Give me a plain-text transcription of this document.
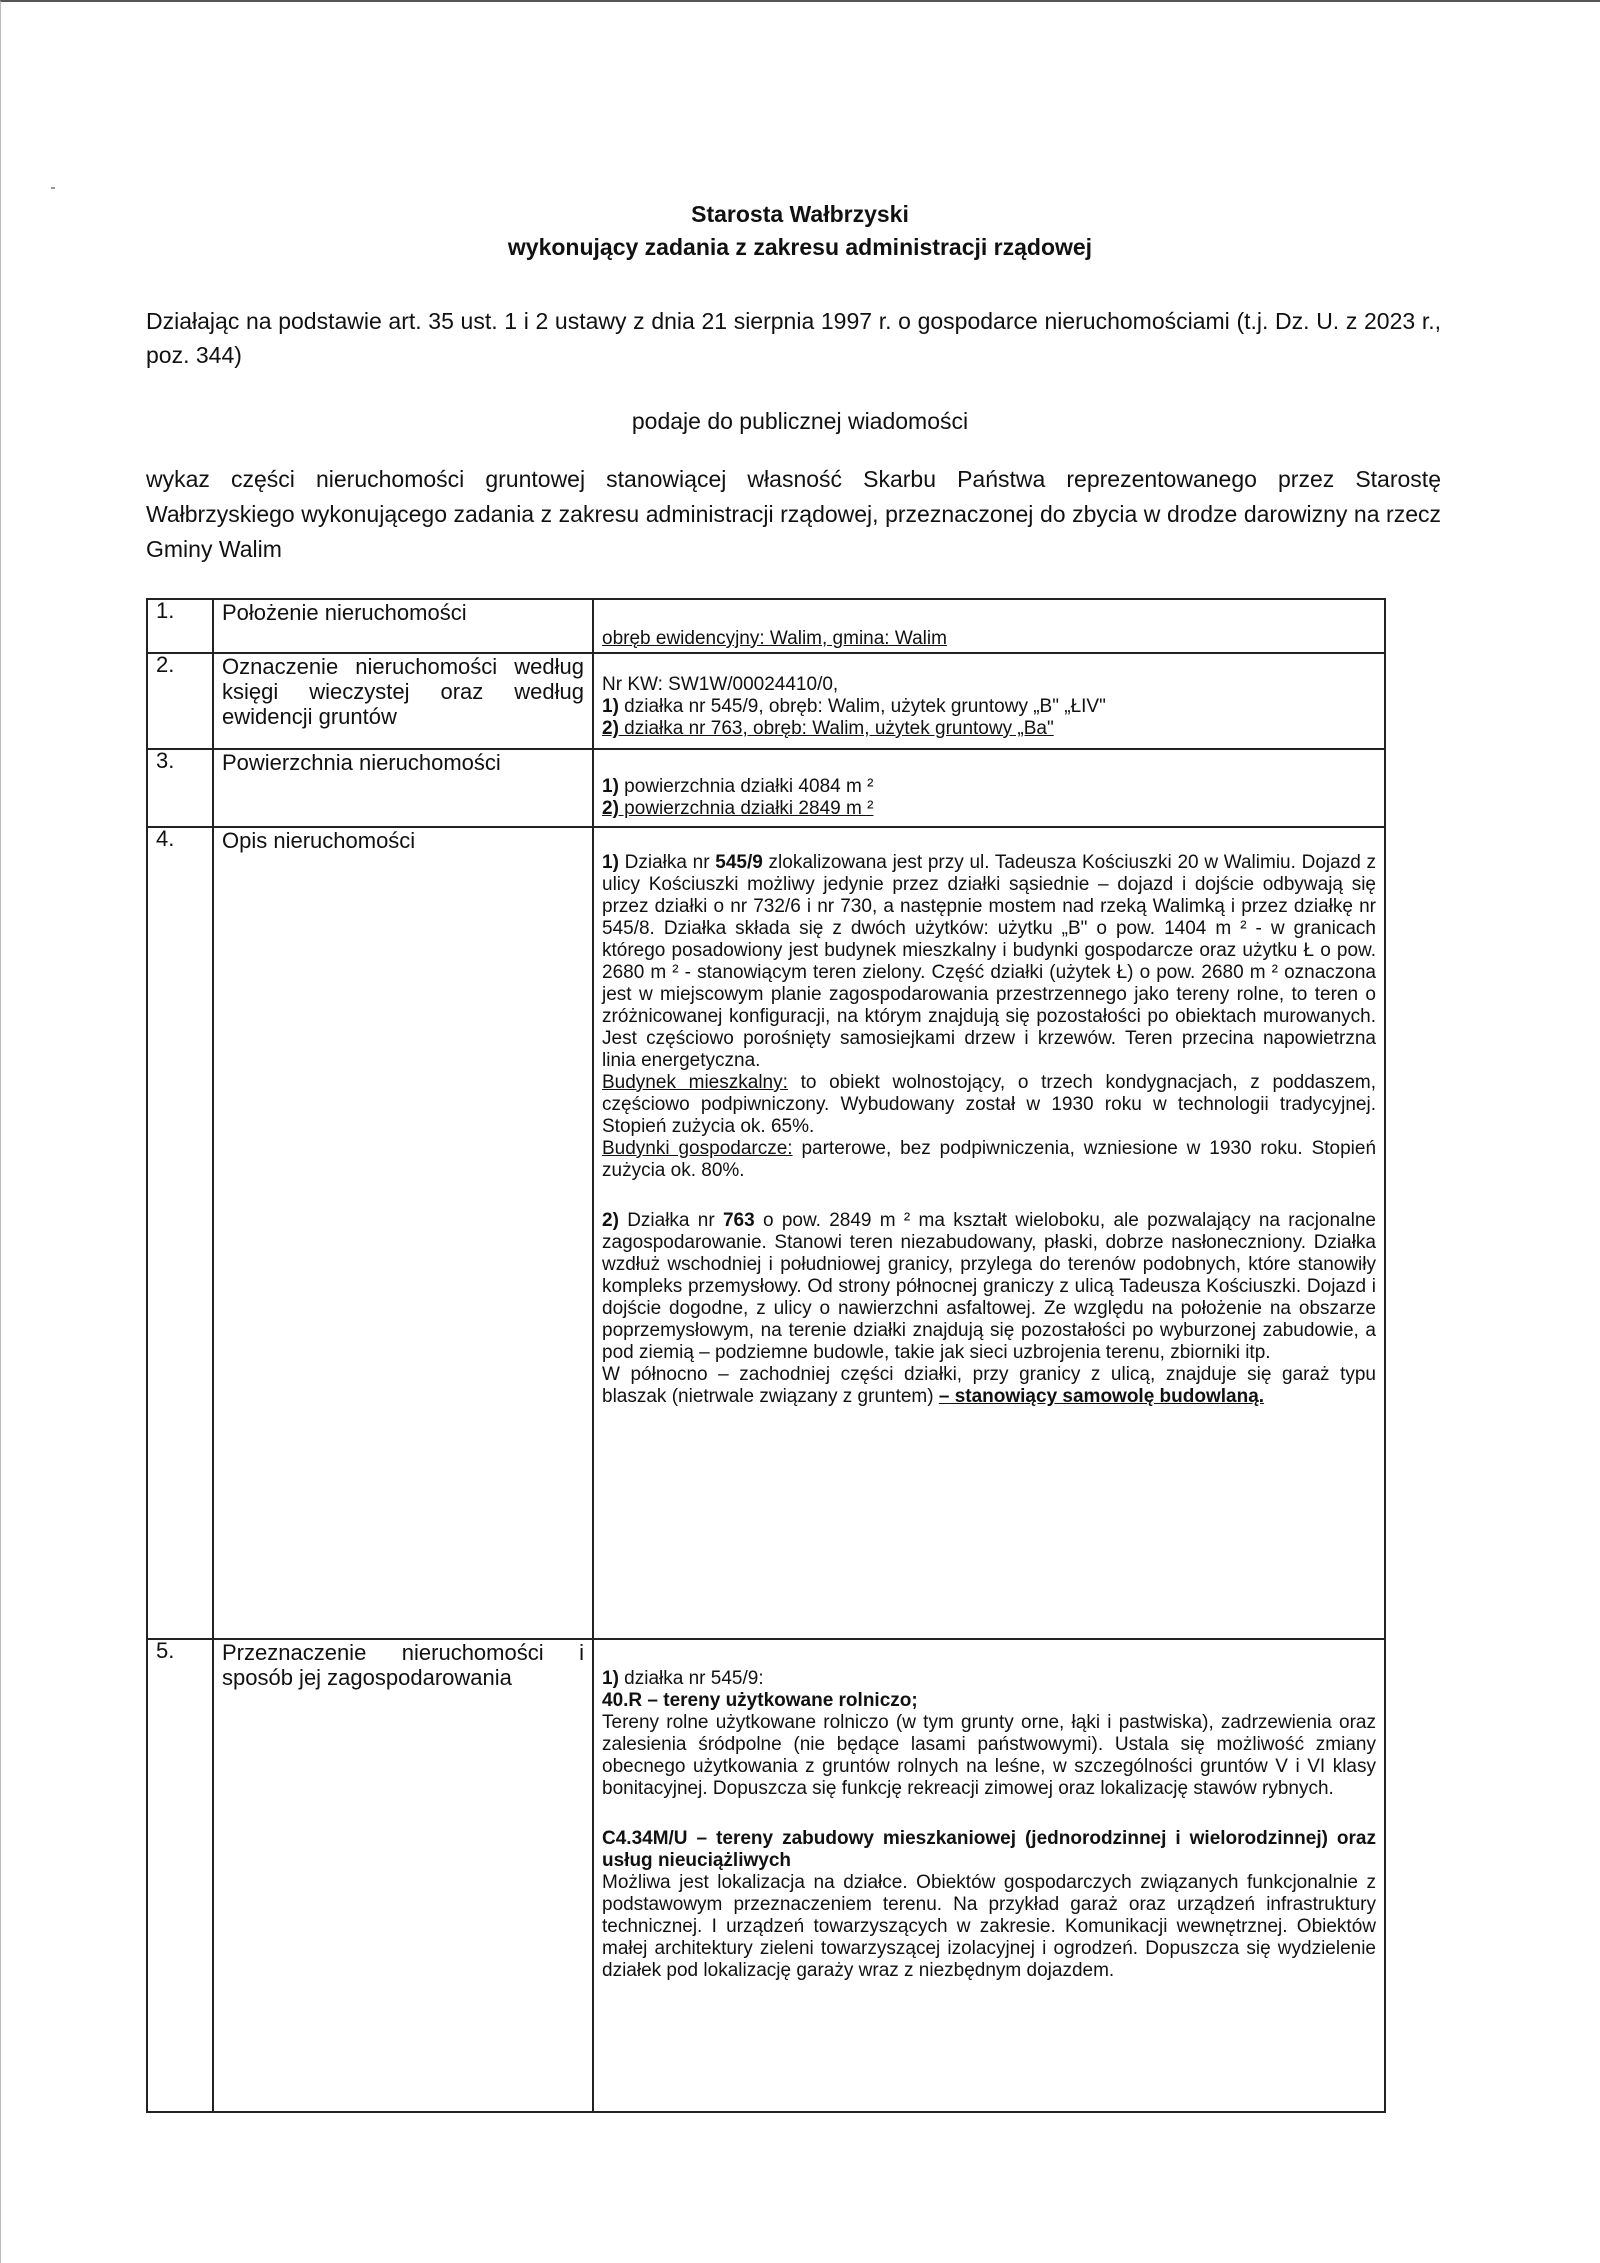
Starosta Wałbrzyski
wykonujący zadania z zakresu administracji rządowej
Działając na podstawie art. 35 ust. 1 i 2 ustawy z dnia 21 sierpnia 1997 r. o gospodarce nieruchomościami (t.j. Dz. U. z 2023 r., poz. 344)
podaje do publicznej wiadomości
wykaz części nieruchomości gruntowej stanowiącej własność Skarbu Państwa reprezentowanego przez Starostę Wałbrzyskiego wykonującego zadania z zakresu administracji rządowej, przeznaczonej do zbycia w drodze darowizny na rzecz Gminy Walim
1.	Położenie nieruchomości	obręb ewidencyjny: Walim, gmina: Walim
2.	Oznaczenie nieruchomości według księgi wieczystej oraz według ewidencji gruntów	Nr KW: SW1W/00024410/0,
1) działka nr 545/9, obręb: Walim, użytek gruntowy „B" „ŁIV"
2) działka nr 763, obręb: Walim, użytek gruntowy „Ba"

3.	Powierzchnia nieruchomości	1) powierzchnia działki 4084 m ²
2) powierzchnia działki 2849 m ²

4.	Opis nieruchomości	1) Działka nr 545/9 zlokalizowana jest przy ul. Tadeusza Kościuszki 20 w Walimiu. Dojazd z ulicy Kościuszki możliwy jedynie przez działki sąsiednie – dojazd i dojście odbywają się przez działki o nr 732/6 i nr 730, a następnie mostem nad rzeką Walimką i przez działkę nr 545/8. Działka składa się z dwóch użytków: użytku „B" o pow. 1404 m ² - w granicach którego posadowiony jest budynek mieszkalny i budynki gospodarcze oraz użytku Ł o pow. 2680 m ² - stanowiącym teren zielony. Część działki (użytek Ł) o pow. 2680 m ² oznaczona jest w miejscowym planie zagospodarowania przestrzennego jako tereny rolne, to teren o zróżnicowanej konfiguracji, na którym znajdują się pozostałości po obiektach murowanych. Jest częściowo porośnięty samosiejkami drzew i krzewów. Teren przecina napowietrzna linia energetyczna.

Budynek mieszkalny: to obiekt wolnostojący, o trzech kondygnacjach, z poddaszem, częściowo podpiwniczony. Wybudowany został w 1930 roku w technologii tradycyjnej. Stopień zużycia ok. 65%.

Budynki gospodarcze: parterowe, bez podpiwniczenia, wzniesione w 1930 roku. Stopień zużycia ok. 80%.

2) Działka nr 763 o pow. 2849 m ² ma kształt wieloboku, ale pozwalający na racjonalne zagospodarowanie. Stanowi teren niezabudowany, płaski, dobrze nasłoneczniony. Działka wzdłuż wschodniej i południowej granicy, przylega do terenów podobnych, które stanowiły kompleks przemysłowy. Od strony północnej graniczy z ulicą Tadeusza Kościuszki. Dojazd i dojście dogodne, z ulicy o nawierzchni asfaltowej. Ze względu na położenie na obszarze poprzemysłowym, na terenie działki znajdują się pozostałości po wyburzonej zabudowie, a pod ziemią – podziemne budowle, takie jak sieci uzbrojenia terenu, zbiorniki itp.

W północno – zachodniej części działki, przy granicy z ulicą, znajduje się garaż typu blaszak (nietrwale związany z gruntem) – stanowiący samowolę budowlaną.

5.	Przeznaczenie nieruchomości i sposób jej zagospodarowania	1) działka nr 545/9:
40.R – tereny użytkowane rolniczo;

Tereny rolne użytkowane rolniczo (w tym grunty orne, łąki i pastwiska), zadrzewienia oraz zalesienia śródpolne (nie będące lasami państwowymi). Ustala się możliwość zmiany obecnego użytkowania z gruntów rolnych na leśne, w szczególności gruntów V i VI klasy bonitacyjnej. Dopuszcza się funkcję rekreacji zimowej oraz lokalizację stawów rybnych.

C4.34M/U – tereny zabudowy mieszkaniowej (jednorodzinnej i wielorodzinnej) oraz usług nieuciążliwych

Możliwa jest lokalizacja na działce. Obiektów gospodarczych związanych funkcjonalnie z podstawowym przeznaczeniem terenu. Na przykład garaż oraz urządzeń infrastruktury technicznej. I urządzeń towarzyszących w zakresie. Komunikacji wewnętrznej. Obiektów małej architektury zieleni towarzyszącej izolacyjnej i ogrodzeń. Dopuszcza się wydzielenie działek pod lokalizację garaży wraz z niezbędnym dojazdem.
